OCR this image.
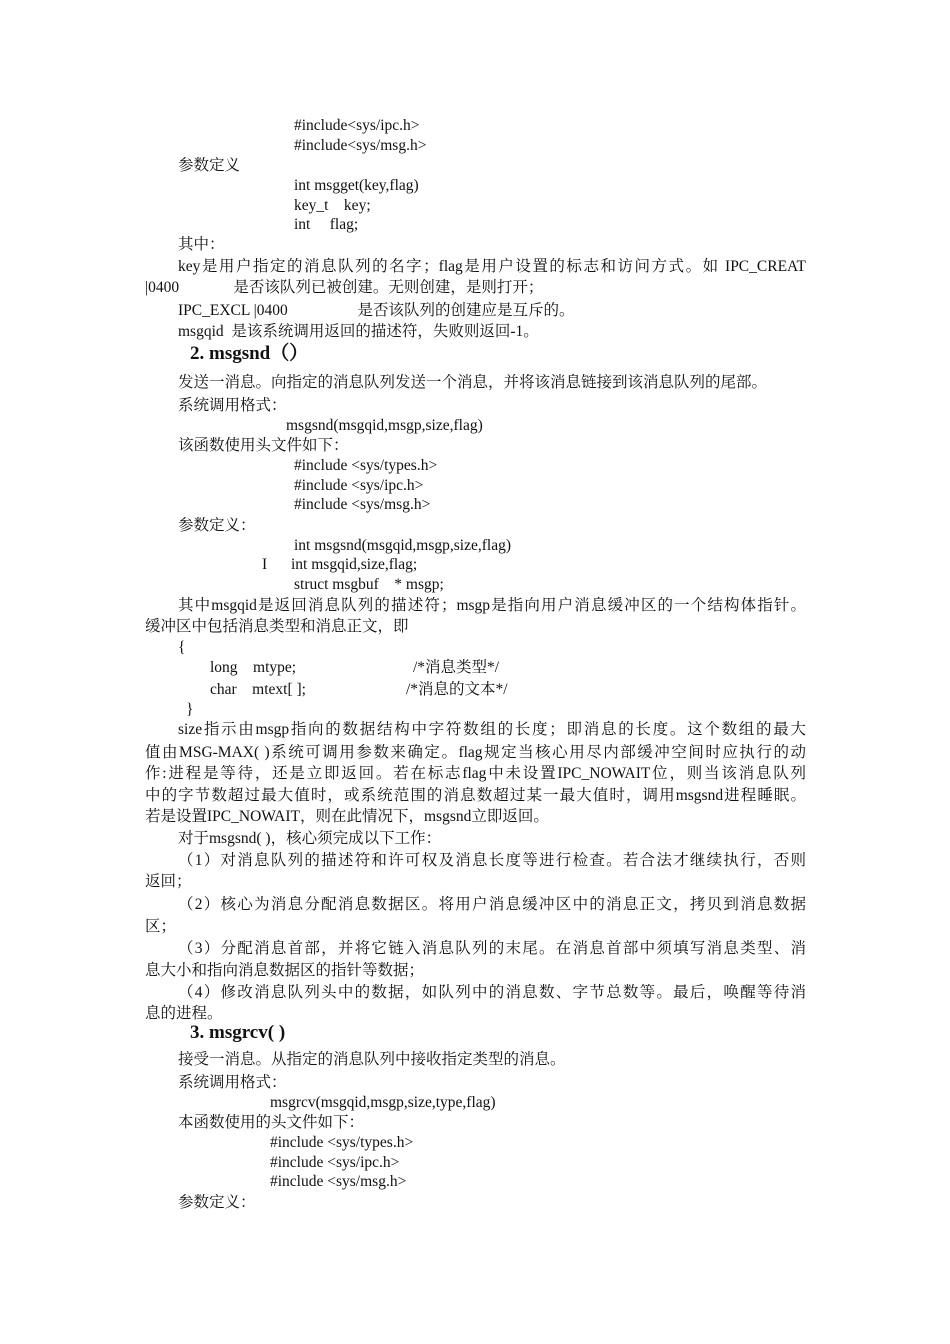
#include<sys/ipc.h>
#include<sys/msg.h>
参数定义
int msgget(key,flag)
key_t    key;
int     flag;
其中：
key是用户指定的消息队列的名字；flag是用户设置的标志和访问方式。如 IPC_CREAT
|0400              是否该队列已被创建。无则创建，是则打开；
IPC_EXCL |0400                  是否该队列的创建应是互斥的。
msgqid  是该系统调用返回的描述符，失败则返回-1。
2. msgsnd（）
发送一消息。向指定的消息队列发送一个消息，并将该消息链接到该消息队列的尾部。
系统调用格式：
msgsnd(msgqid,msgp,size,flag)
该函数使用头文件如下：
#include <sys/types.h>
#include <sys/ipc.h>
#include <sys/msg.h>
参数定义：
int msgsnd(msgqid,msgp,size,flag)
I int msgqid,size,flag;
struct msgbuf    * msgp;
其中msgqid是返回消息队列的描述符；msgp是指向用户消息缓冲区的一个结构体指针。
缓冲区中包括消息类型和消息正文，即
{
long    mtype;	/*消息类型*/
char    mtext[ ];	/*消息的文本*/
}
size指示由msgp指向的数据结构中字符数组的长度；即消息的长度。这个数组的最大
值由MSG-MAX( )系统可调用参数来确定。flag规定当核心用尽内部缓冲空间时应执行的动
作:进程是等待，还是立即返回。若在标志flag中未设置IPC_NOWAIT位，则当该消息队列
中的字节数超过最大值时，或系统范围的消息数超过某一最大值时，调用msgsnd进程睡眠。
若是设置IPC_NOWAIT，则在此情况下，msgsnd立即返回。
对于msgsnd( )，核心须完成以下工作：
（1）对消息队列的描述符和许可权及消息长度等进行检查。若合法才继续执行，否则
返回；
（2）核心为消息分配消息数据区。将用户消息缓冲区中的消息正文，拷贝到消息数据
区；
（3）分配消息首部，并将它链入消息队列的末尾。在消息首部中须填写消息类型、消
息大小和指向消息数据区的指针等数据；
（4）修改消息队列头中的数据，如队列中的消息数、字节总数等。最后，唤醒等待消
息的进程。
3. msgrcv( )
接受一消息。从指定的消息队列中接收指定类型的消息。
系统调用格式：
msgrcv(msgqid,msgp,size,type,flag)
本函数使用的头文件如下：
#include <sys/types.h>
#include <sys/ipc.h>
#include <sys/msg.h>
参数定义：
